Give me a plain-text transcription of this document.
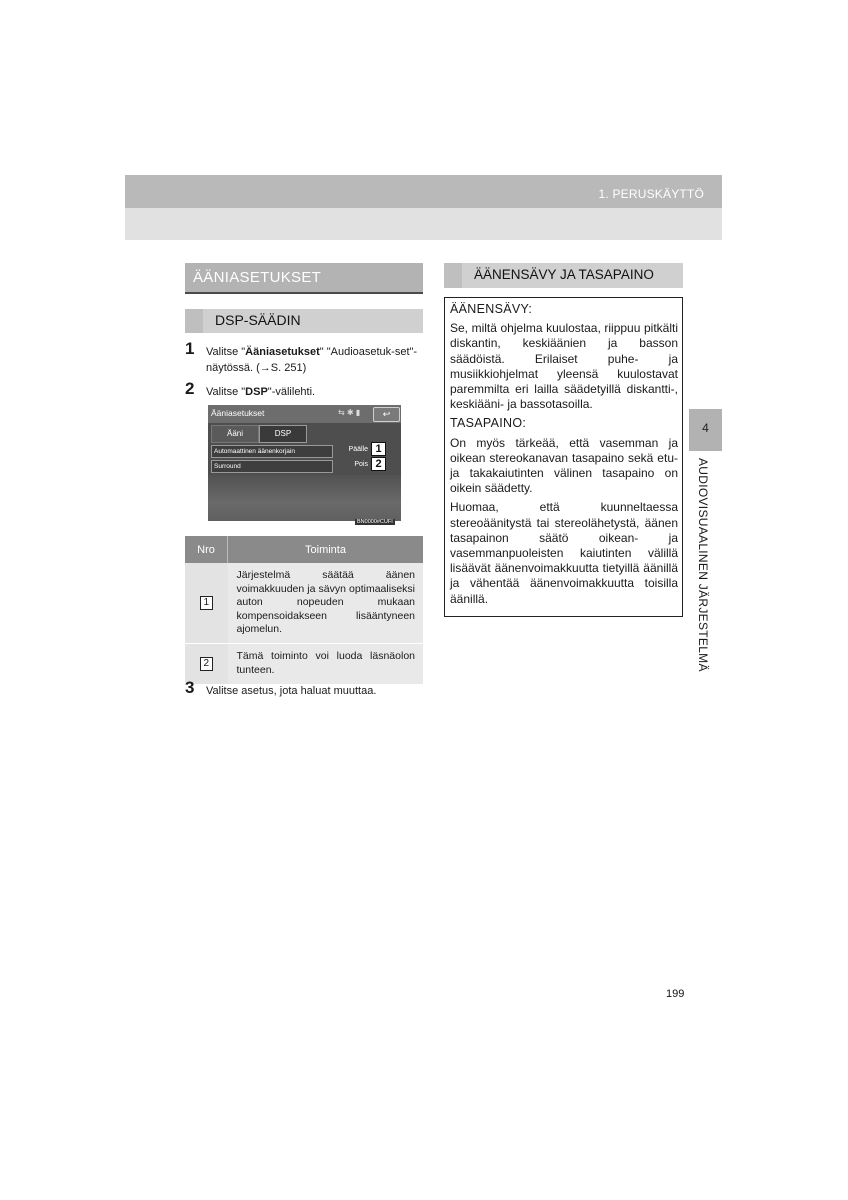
1. PERUSKÄYTTÖ
4
AUDIOVISUAALINEN JÄRJESTELMÄ
ÄÄNIASETUKSET
DSP-SÄÄDIN
1 Valitse "Ääniasetukset" "Audioasetuk-set"-näytössä. (→S. 251)
2 Valitse "DSP"-välilehti.
Ääniasetukset	⇆ ✱ ▮	↩
Ääni	DSP
Automaattinen äänenkorjain	Päälle
Surround	Pois
1
2
BN0000#CUFI
Nro	Toiminta
1	Järjestelmä säätää äänen voimakkuuden ja sävyn optimaaliseksi auton nopeuden mukaan kompensoidakseen lisääntyneen ajomelun.
2	Tämä toiminto voi luoda läsnäolon tunteen.
3 Valitse asetus, jota haluat muuttaa.
ÄÄNENSÄVY JA TASAPAINO

ÄÄNENSÄVY:

Se, miltä ohjelma kuulostaa, riippuu pitkälti diskantin, keskiäänien ja basson säädöistä. Erilaiset puhe- ja musiikkiohjelmat yleensä kuulostavat paremmilta eri lailla säädetyillä diskantti-, keskiääni- ja bassotasoilla.

TASAPAINO:

On myös tärkeää, että vasemman ja oikean stereokanavan tasapaino sekä etu- ja takakaiutinten välinen tasapaino on oikein säädetty.

Huomaa, että kuunneltaessa stereoäänitystä tai stereolähetystä, äänen tasapainon säätö oikean- ja vasemmanpuoleisten kaiutinten välillä lisäävät äänenvoimakkuutta tietyillä äänillä ja vähentää äänenvoimakkuutta toisilla äänillä.

199
